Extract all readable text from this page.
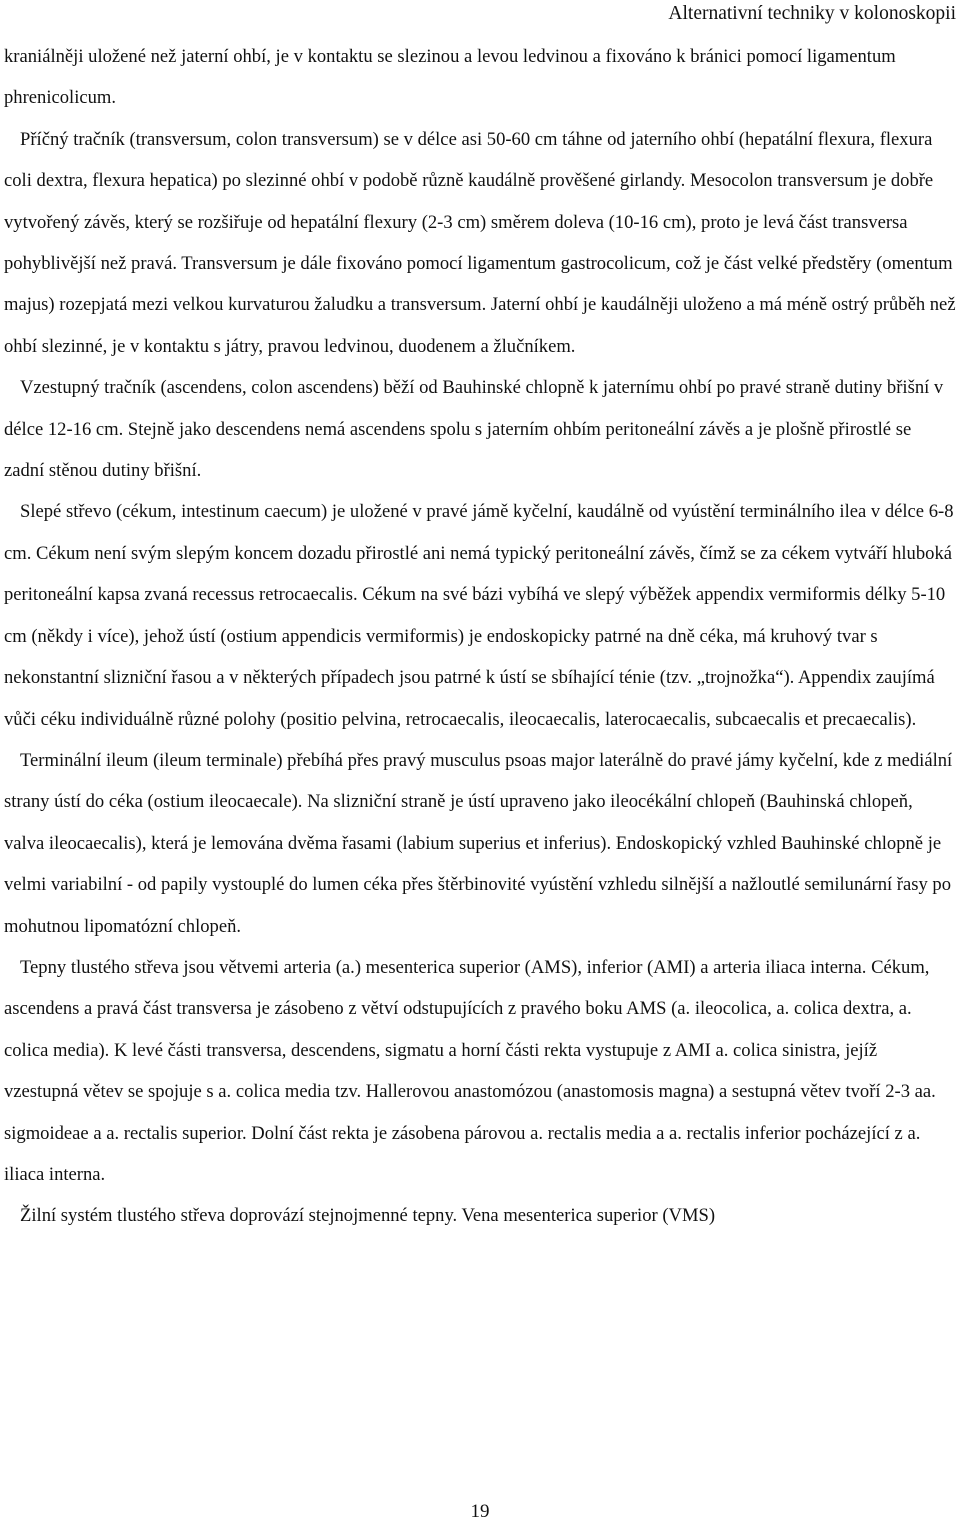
Alternativní techniky v kolonoskopii

kraniálněji uložené než jaterní ohbí, je v kontaktu se slezinou a levou ledvinou a fixováno k bránici pomocí ligamentum phrenicolicum.

Příčný tračník (transversum, colon transversum) se v délce asi 50-60 cm táhne od jaterního ohbí (hepatální flexura, flexura coli dextra, flexura hepatica) po slezinné ohbí v podobě různě kaudálně prověšené girlandy. Mesocolon transversum je dobře vytvořený závěs, který se rozšiřuje od hepatální flexury (2-3 cm) směrem doleva (10-16 cm), proto je levá část transversa pohyblivější než pravá. Transversum je dále fixováno pomocí ligamentum gastrocolicum, což je část velké předstěry (omentum majus) rozepjatá mezi velkou kurvaturou žaludku a transversum. Jaterní ohbí je kaudálněji uloženo a má méně ostrý průběh než ohbí slezinné, je v kontaktu s játry, pravou ledvinou, duodenem a žlučníkem.

Vzestupný tračník (ascendens, colon ascendens) běží od Bauhinské chlopně k jaternímu ohbí po pravé straně dutiny břišní v délce 12-16 cm. Stejně jako descendens nemá ascendens spolu s jaterním ohbím peritoneální závěs a je plošně přirostlé se zadní stěnou dutiny břišní.

Slepé střevo (cékum, intestinum caecum) je uložené v pravé jámě kyčelní, kaudálně od vyústění terminálního ilea v délce 6-8 cm. Cékum není svým slepým koncem dozadu přirostlé ani nemá typický peritoneální závěs, čímž se za cékem vytváří hluboká peritoneální kapsa zvaná recessus retrocaecalis. Cékum na své bázi vybíhá ve slepý výběžek appendix vermiformis délky 5-10 cm (někdy i více), jehož ústí (ostium appendicis vermiformis) je endoskopicky patrné na dně céka, má kruhový tvar s nekonstantní slizniční řasou a v některých případech jsou patrné k ústí se sbíhající ténie (tzv. „trojnožka“). Appendix zaujímá vůči céku individuálně různé polohy (positio pelvina, retrocaecalis, ileocaecalis, laterocaecalis, subcaecalis et precaecalis).

Terminální ileum (ileum terminale) přebíhá přes pravý musculus psoas major laterálně do pravé jámy kyčelní, kde z mediální strany ústí do céka (ostium ileocaecale). Na slizniční straně je ústí upraveno jako ileocékální chlopeň (Bauhinská chlopeň, valva ileocaecalis), která je lemována dvěma řasami (labium superius et inferius). Endoskopický vzhled Bauhinské chlopně je velmi variabilní - od papily vystouplé do lumen céka přes štěrbinovité vyústění vzhledu silnější a nažloutlé semilunární řasy po mohutnou lipomatózní chlopeň.

Tepny tlustého střeva jsou větvemi arteria (a.) mesenterica superior (AMS), inferior (AMI) a arteria iliaca interna. Cékum, ascendens a pravá část transversa je zásobeno z větví odstupujících z pravého boku AMS (a. ileocolica, a. colica dextra, a. colica media). K levé části transversa, descendens, sigmatu a horní části rekta vystupuje z AMI a. colica sinistra, jejíž vzestupná větev se spojuje s a. colica media tzv. Hallerovou anastomózou (anastomosis magna) a sestupná větev tvoří 2-3 aa. sigmoideae a a. rectalis superior. Dolní část rekta je zásobena párovou a. rectalis media a a. rectalis inferior pocházející z a. iliaca interna.

Žilní systém tlustého střeva doprovází stejnojmenné tepny. Vena mesenterica superior (VMS)

19
